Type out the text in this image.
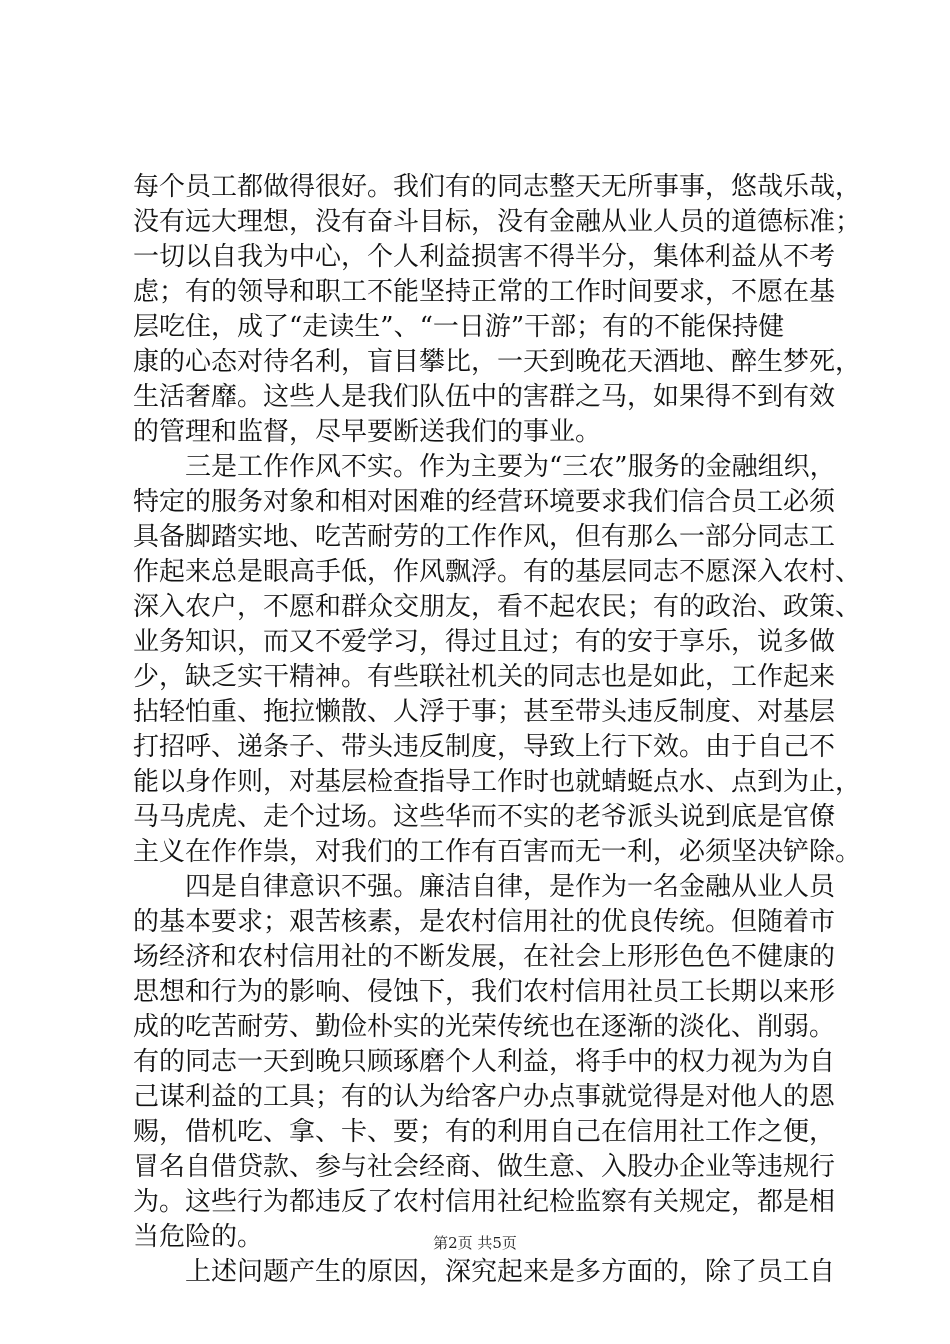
每个员工都做得很好。我们有的同志整天无所事事，悠哉乐哉，
没有远大理想，没有奋斗目标，没有金融从业人员的道德标准；
一切以自我为中心，个人利益损害不得半分，集体利益从不考
虑；有的领导和职工不能坚持正常的工作时间要求，不愿在基
层吃住，成了“走读生”、“一日游”干部；有的不能保持健
康的心态对待名利，盲目攀比，一天到晚花天酒地、醉生梦死，
生活奢靡。这些人是我们队伍中的害群之马，如果得不到有效
的管理和监督，尽早要断送我们的事业。
　　三是工作作风不实。作为主要为“三农”服务的金融组织，
特定的服务对象和相对困难的经营环境要求我们信合员工必须
具备脚踏实地、吃苦耐劳的工作作风，但有那么一部分同志工
作起来总是眼高手低，作风飘浮。有的基层同志不愿深入农村、
深入农户，不愿和群众交朋友，看不起农民；有的政治、政策、
业务知识，而又不爱学习，得过且过；有的安于享乐，说多做
少，缺乏实干精神。有些联社机关的同志也是如此，工作起来
拈轻怕重、拖拉懒散、人浮于事；甚至带头违反制度、对基层
打招呼、递条子、带头违反制度，导致上行下效。由于自己不
能以身作则，对基层检查指导工作时也就蜻蜓点水、点到为止，
马马虎虎、走个过场。这些华而不实的老爷派头说到底是官僚
主义在作作祟，对我们的工作有百害而无一利，必须坚决铲除。
　　四是自律意识不强。廉洁自律，是作为一名金融从业人员
的基本要求；艰苦核素，是农村信用社的优良传统。但随着市
场经济和农村信用社的不断发展，在社会上形形色色不健康的
思想和行为的影响、侵蚀下，我们农村信用社员工长期以来形
成的吃苦耐劳、勤俭朴实的光荣传统也在逐渐的淡化、削弱。
有的同志一天到晚只顾琢磨个人利益，将手中的权力视为为自
己谋利益的工具；有的认为给客户办点事就觉得是对他人的恩
赐，借机吃、拿、卡、要；有的利用自己在信用社工作之便，
冒名自借贷款、参与社会经商、做生意、入股办企业等违规行
为。这些行为都违反了农村信用社纪检监察有关规定，都是相
当危险的。
　　上述问题产生的原因，深究起来是多方面的，除了员工自
第2页 共5页
